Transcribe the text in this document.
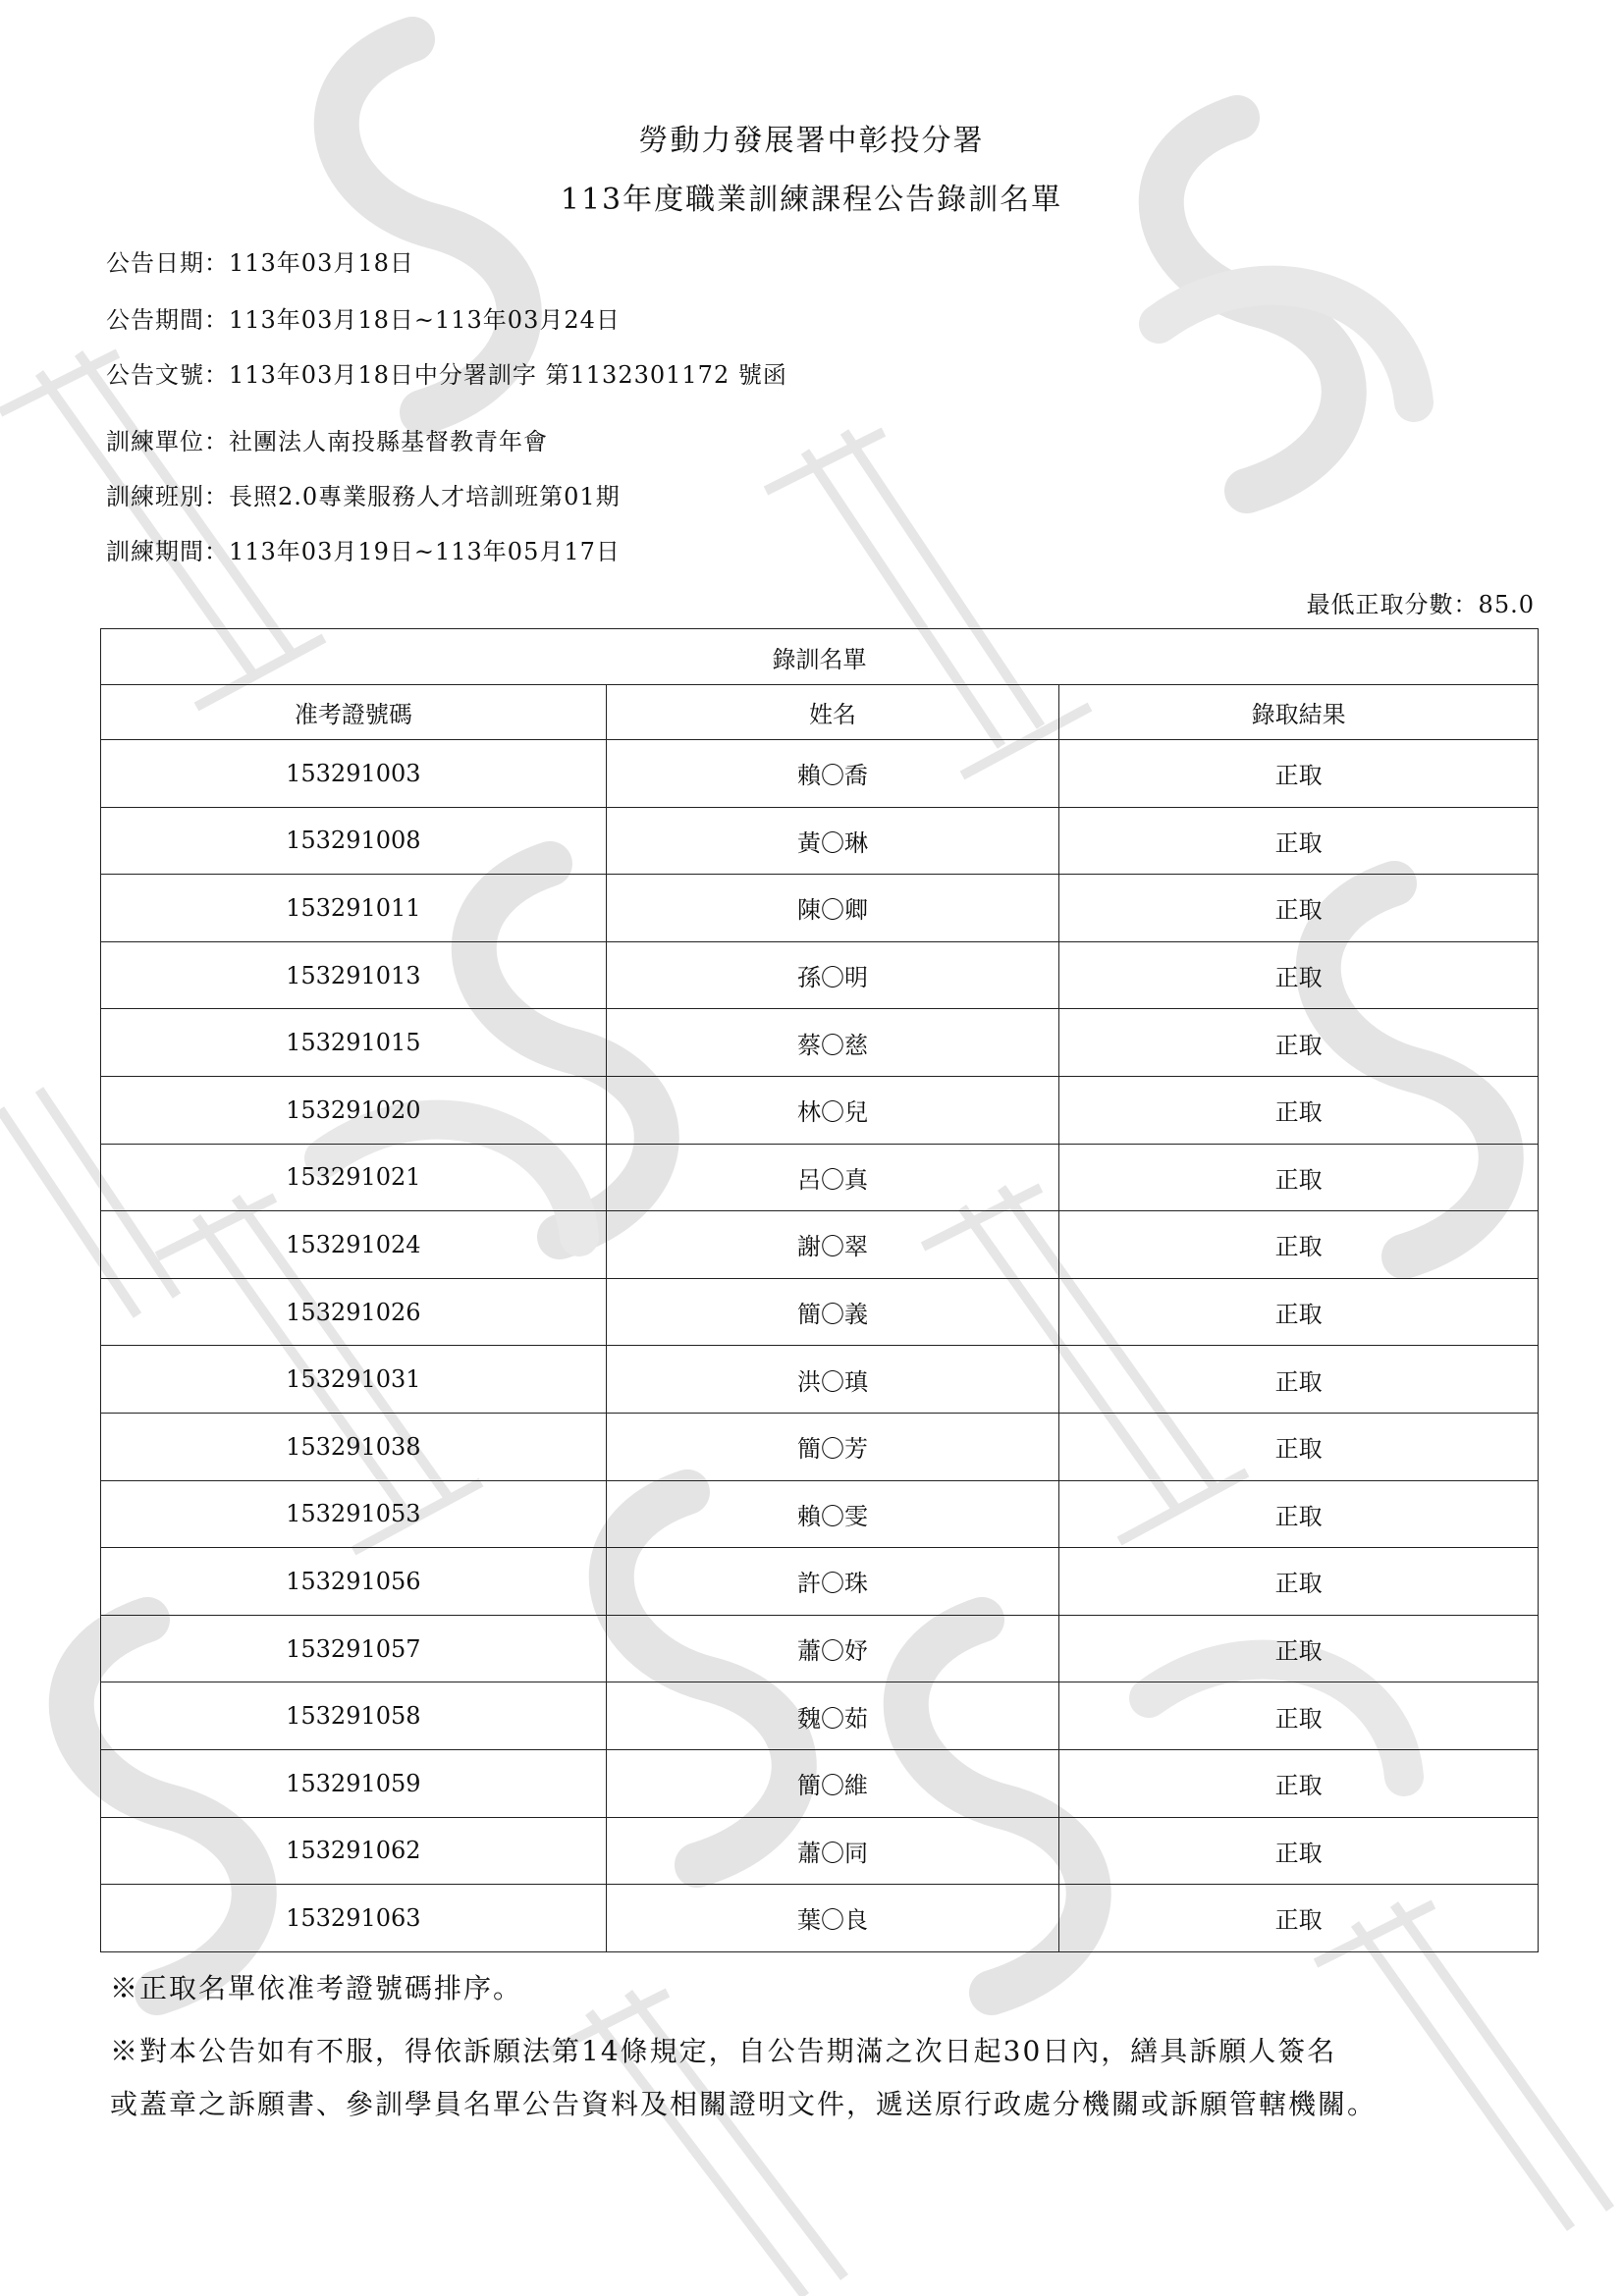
勞動力發展署中彰投分署
113年度職業訓練課程公告錄訓名單
公告日期：113年03月18日
公告期間：113年03月18日~113年03月24日
公告文號：113年03月18日中分署訓字 第1132301172 號函
訓練單位：社團法人南投縣基督教青年會
訓練班別：長照2.0專業服務人才培訓班第01期
訓練期間：113年03月19日~113年05月17日
最低正取分數：85.0
錄訓名單		
准考證號碼	姓名	錄取結果
153291003	賴〇喬	正取
153291008	黃〇琳	正取
153291011	陳〇卿	正取
153291013	孫〇明	正取
153291015	蔡〇慈	正取
153291020	林〇兒	正取
153291021	呂〇真	正取
153291024	謝〇翠	正取
153291026	簡〇義	正取
153291031	洪〇瑱	正取
153291038	簡〇芳	正取
153291053	賴〇雯	正取
153291056	許〇珠	正取
153291057	蕭〇妤	正取
153291058	魏〇茹	正取
153291059	簡〇維	正取
153291062	蕭〇同	正取
153291063	葉〇良	正取
※正取名單依准考證號碼排序。
※對本公告如有不服，得依訴願法第14條規定，自公告期滿之次日起30日內，繕具訴願人簽名
或蓋章之訴願書、參訓學員名單公告資料及相關證明文件，遞送原行政處分機關或訴願管轄機關。
